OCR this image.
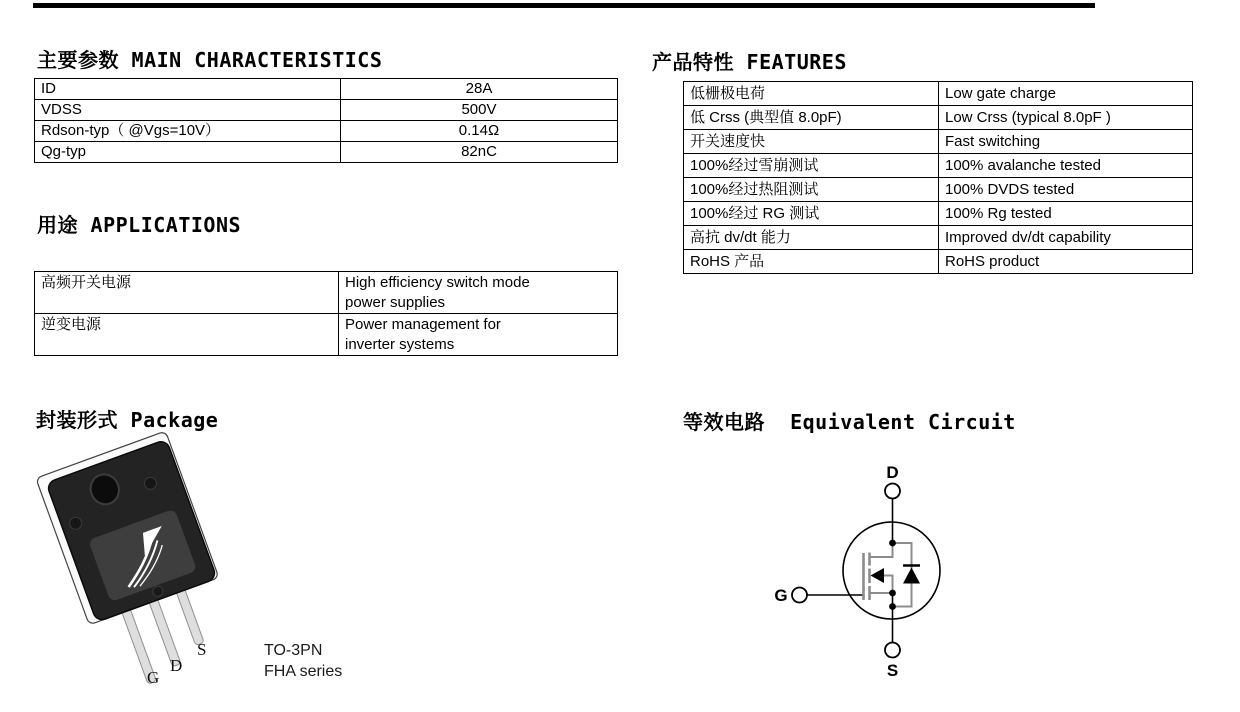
主要参数 MAIN CHARACTERISTICS	产品特性 FEATURES
用途 APPLICATIONS
封装形式 Package	等效电路  Equivalent Circuit
ID	28A
VDSS	500V
Rdson-typ（ @Vgs=10V）	0.14Ω
Qg-typ	82nC
高频开关电源	High efficiency switch mode
power supplies

逆变电源	Power management for
inverter systems
低栅极电荷	Low gate charge
低 Crss (典型值 8.0pF)	Low Crss (typical 8.0pF )
开关速度快	Fast switching
100%经过雪崩测试	100% avalanche tested
100%经过热阻测试	100% DVDS tested
100%经过 RG 测试	100% Rg tested
高抗 dv/dt 能力	Improved dv/dt capability
RoHS 产品	RoHS product
G
D
S	TO-3PN
FHA series
D
G
S
